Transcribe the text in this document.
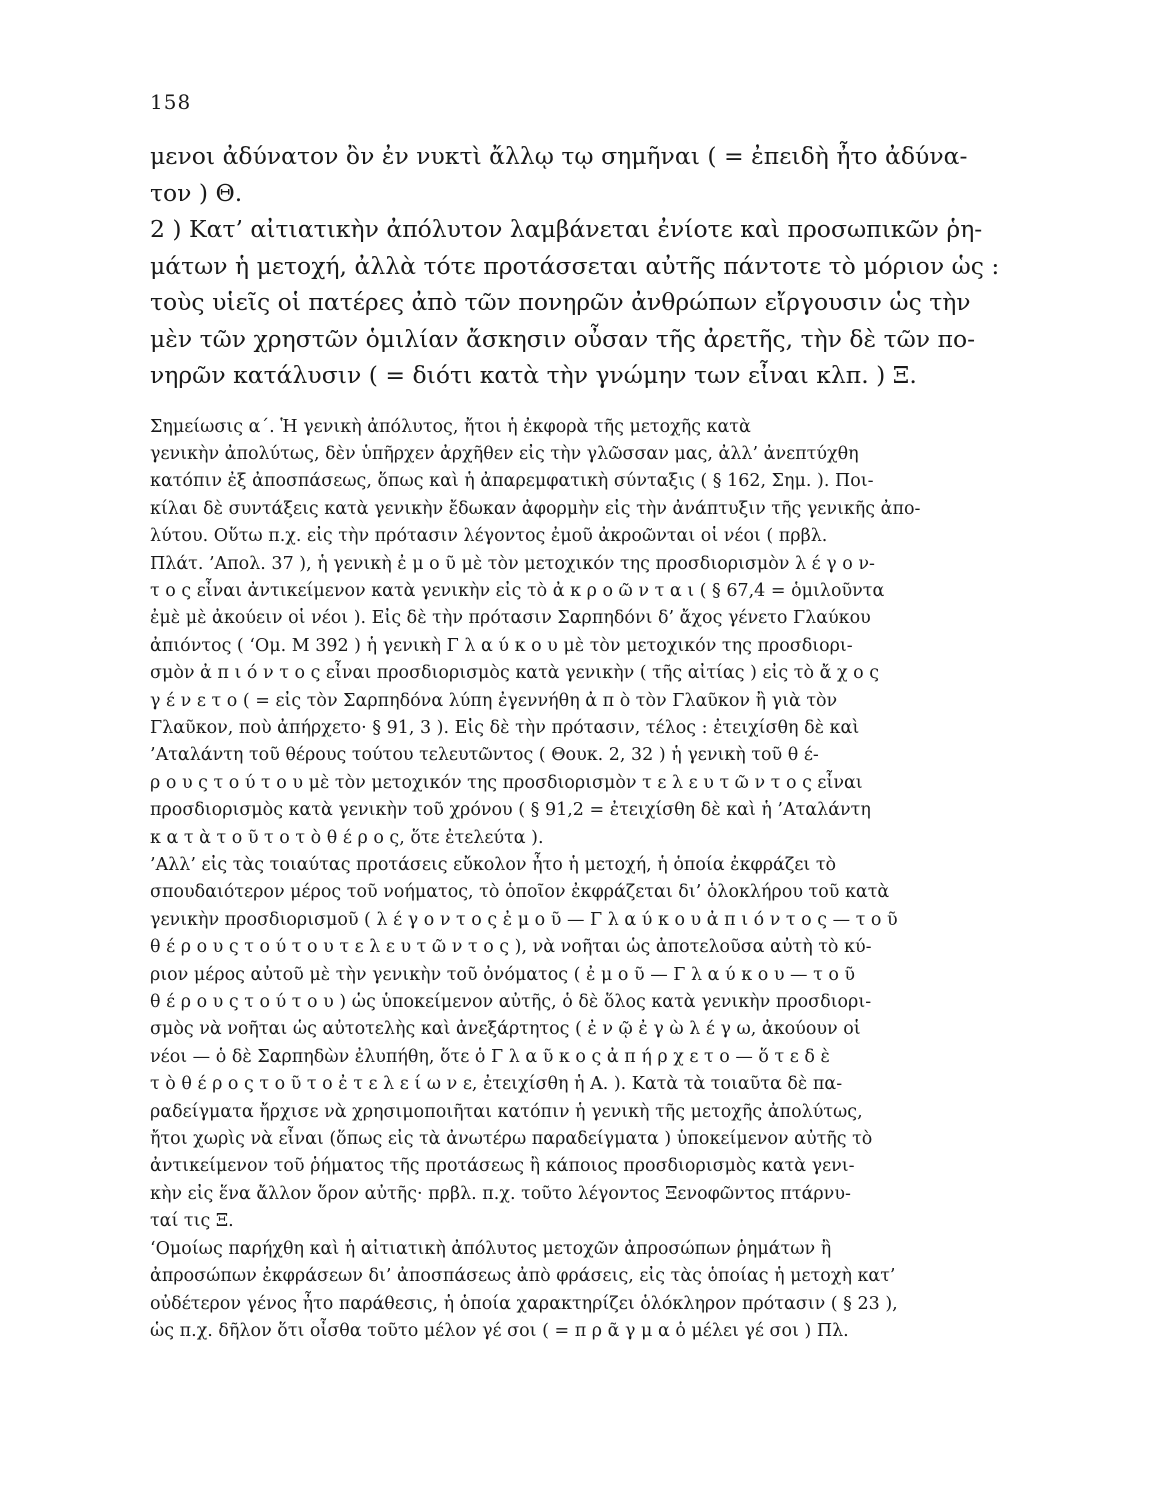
158
μενοι ἀδύνατον ὂν ἐν νυκτὶ ἄλλῳ τῳ σημῆναι ( = ἐπειδὴ ἦτο ἀδύνα-
τον ) Θ.
2 ) Κατ’ αἰτιατικὴν ἀπόλυτον λαμβάνεται ἐνίοτε καὶ προσωπικῶν ῥη-
μάτων ἡ μετοχή, ἀλλὰ τότε προτάσσεται αὐτῆς πάντοτε τὸ μόριον ὡς :
τοὺς υἱεῖς οἱ πατέρες ἀπὸ τῶν πονηρῶν ἀνθρώπων εἴργουσιν ὡς τὴν
μὲν τῶν χρηστῶν ὁμιλίαν ἄσκησιν οὖσαν τῆς ἀρετῆς, τὴν δὲ τῶν πο-
νηρῶν κατάλυσιν ( = διότι κατὰ τὴν γνώμην των εἶναι κλπ. ) Ξ.
Σημείωσις α΄. Ἡ γενικὴ ἀπόλυτος, ἤτοι ἡ ἐκφορὰ τῆς μετοχῆς κατὰ
γενικὴν ἀπολύτως, δὲν ὑπῆρχεν ἀρχῆθεν εἰς τὴν γλῶσσαν μας, ἀλλ’ ἀνεπτύχθη
κατόπιν ἐξ ἀποσπάσεως, ὅπως καὶ ἡ ἀπαρεμφατικὴ σύνταξις ( § 162, Σημ. ). Ποι-
κίλαι δὲ συντάξεις κατὰ γενικὴν ἔδωκαν ἀφορμὴν εἰς τὴν ἀνάπτυξιν τῆς γενικῆς ἀπο-
λύτου. Οὕτω π.χ. εἰς τὴν πρότασιν λέγοντος ἐμοῦ ἀκροῶνται οἱ νέοι ( πρβλ.
Πλάτ. ’Απολ. 37 ), ἡ γενικὴ ἐ μ ο ῦ μὲ τὸν μετοχικόν της προσδιορισμὸν λ έ γ ο ν-
τ ο ς εἶναι ἀντικείμενον κατὰ γενικὴν εἰς τὸ ἀ κ ρ ο ῶ ν τ α ι ( § 67,4 = ὁμιλοῦντα
ἐμὲ μὲ ἀκούειν οἱ νέοι ). Εἰς δὲ τὴν πρότασιν Σαρπηδόνι δ’ ἄχος γένετο Γλαύκου
ἀπιόντος ( ‘Ομ. Μ 392 ) ἡ γενικὴ Γ λ α ύ κ ο υ μὲ τὸν μετοχικόν της προσδιορι-
σμὸν ἀ π ι ό ν τ ο ς εἶναι προσδιορισμὸς κατὰ γενικὴν ( τῆς αἰτίας ) εἰς τὸ ἄ χ ο ς
γ έ ν ε τ ο ( = εἰς τὸν Σαρπηδόνα λύπη ἐγεννήθη ἀ π ὸ τὸν Γλαῦκον ἢ γιὰ τὸν
Γλαῦκον, ποὺ ἀπήρχετο· § 91, 3 ). Εἰς δὲ τὴν πρότασιν, τέλος : ἐτειχίσθη δὲ καὶ
’Αταλάντη τοῦ θέρους τούτου τελευτῶντος ( Θουκ. 2, 32 ) ἡ γενικὴ τοῦ θ έ-
ρ ο υ ς τ ο ύ τ ο υ μὲ τὸν μετοχικόν της προσδιορισμὸν τ ε λ ε υ τ ῶ ν τ ο ς εἶναι
προσδιορισμὸς κατὰ γενικὴν τοῦ χρόνου ( § 91,2 = ἐτειχίσθη δὲ καὶ ἡ ’Αταλάντη
κ α τ ὰ τ ο ῦ τ ο τ ὸ θ έ ρ ο ς, ὅτε ἐτελεύτα ).
’Αλλ’ εἰς τὰς τοιαύτας προτάσεις εὔκολον ἦτο ἡ μετοχή, ἡ ὁποία ἐκφράζει τὸ
σπουδαιότερον μέρος τοῦ νοήματος, τὸ ὁποῖον ἐκφράζεται δι’ ὁλοκλήρου τοῦ κατὰ
γενικὴν προσδιορισμοῦ ( λ έ γ ο ν τ ο ς ἐ μ ο ῦ — Γ λ α ύ κ ο υ ἀ π ι ό ν τ ο ς — τ ο ῦ
θ έ ρ ο υ ς τ ο ύ τ ο υ τ ε λ ε υ τ ῶ ν τ ο ς ), νὰ νοῆται ὡς ἀποτελοῦσα αὐτὴ τὸ κύ-
ριον μέρος αὐτοῦ μὲ τὴν γενικὴν τοῦ ὀνόματος ( ἐ μ ο ῦ — Γ λ α ύ κ ο υ — τ ο ῦ
θ έ ρ ο υ ς τ ο ύ τ ο υ ) ὡς ὑποκείμενον αὐτῆς, ὁ δὲ ὅλος κατὰ γενικὴν προσδιορι-
σμὸς νὰ νοῆται ὡς αὐτοτελὴς καὶ ἀνεξάρτητος ( ἐ ν ῷ ἐ γ ὼ λ έ γ ω, ἀκούουν οἱ
νέοι — ὁ δὲ Σαρπηδὼν ἐλυπήθη, ὅτε ὁ Γ λ α ῦ κ ο ς ἀ π ή ρ χ ε τ ο — ὅ τ ε δ ὲ
τ ὸ θ έ ρ ο ς τ ο ῦ τ ο ἐ τ ε λ ε ί ω ν ε, ἐτειχίσθη ἡ Α. ). Κατὰ τὰ τοιαῦτα δὲ πα-
ραδείγματα ἤρχισε νὰ χρησιμοποιῆται κατόπιν ἡ γενικὴ τῆς μετοχῆς ἀπολύτως,
ἤτοι χωρὶς νὰ εἶναι (ὅπως εἰς τὰ ἀνωτέρω παραδείγματα ) ὑποκείμενον αὐτῆς τὸ
ἀντικείμενον τοῦ ῥήματος τῆς προτάσεως ἢ κάποιος προσδιορισμὸς κατὰ γενι-
κὴν εἰς ἕνα ἄλλον ὅρον αὐτῆς· πρβλ. π.χ. τοῦτο λέγοντος Ξενοφῶντος πτάρνυ-
ταί τις Ξ.
‘Ομοίως παρήχθη καὶ ἡ αἰτιατικὴ ἀπόλυτος μετοχῶν ἀπροσώπων ῥημάτων ἢ
ἀπροσώπων ἐκφράσεων δι’ ἀποσπάσεως ἀπὸ φράσεις, εἰς τὰς ὁποίας ἡ μετοχὴ κατ’
οὐδέτερον γένος ἦτο παράθεσις, ἡ ὁποία χαρακτηρίζει ὁλόκληρον πρότασιν ( § 23 ),
ὡς π.χ. δῆλον ὅτι οἶσθα τοῦτο μέλον γέ σοι ( = π ρ ᾶ γ μ α ὁ μέλει γέ σοι ) Πλ.
